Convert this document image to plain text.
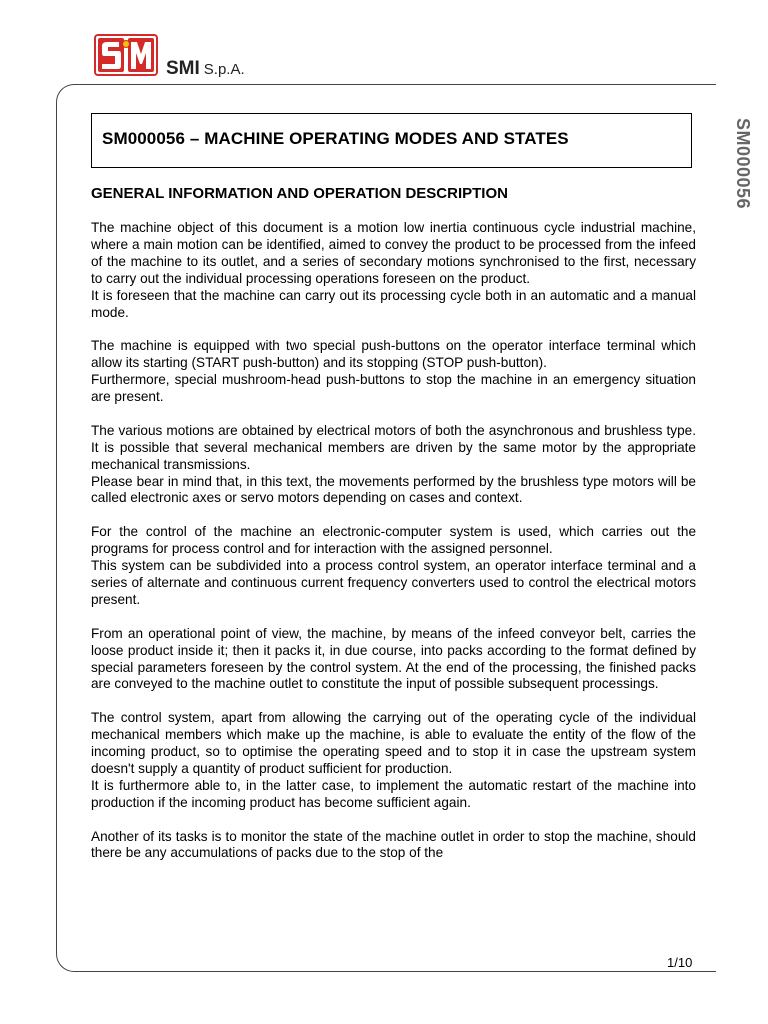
SMI S.p.A.
SM000056 – MACHINE OPERATING MODES AND STATES	SM000056
GENERAL INFORMATION AND OPERATION DESCRIPTION

The machine object of this document is a motion low inertia continuous cycle industrial machine, where a main motion can be identified, aimed to convey the product to be processed from the infeed of the machine to its outlet, and a series of secondary motions synchronised to the first, necessary to carry out the individual processing operations foreseen on the product.

It is foreseen that the machine can carry out its processing cycle both in an automatic and a manual mode.

The machine is equipped with two special push-buttons on the operator interface terminal which allow its starting (START push-button) and its stopping (STOP push-button).

Furthermore, special mushroom-head push-buttons to stop the machine in an emergency situation are present.

The various motions are obtained by electrical motors of both the asynchronous and brushless type. It is possible that several mechanical members are driven by the same motor by the appropriate mechanical transmissions.

Please bear in mind that, in this text, the movements performed by the brushless type motors will be called electronic axes or servo motors depending on cases and context.

For the control of the machine an electronic-computer system is used, which carries out the programs for process control and for interaction with the assigned personnel.

This system can be subdivided into a process control system, an operator interface terminal and a series of alternate and continuous current frequency converters used to control the electrical motors present.

From an operational point of view, the machine, by means of the infeed conveyor belt, carries the loose product inside it; then it packs it, in due course, into packs according to the format defined by special parameters foreseen by the control system. At the end of the processing, the finished packs are conveyed to the machine outlet to constitute the input of possible subsequent processings.

The control system, apart from allowing the carrying out of the operating cycle of the individual mechanical members which make up the machine, is able to evaluate the entity of the flow of the incoming product, so to optimise the operating speed and to stop it in case the upstream system doesn't supply a quantity of product sufficient for production.

It is furthermore able to, in the latter case, to implement the automatic restart of the machine into production if the incoming product has become sufficient again.

Another of its tasks is to monitor the state of the machine outlet in order to stop the machine, should there be any accumulations of packs due to the stop of the

1/10
